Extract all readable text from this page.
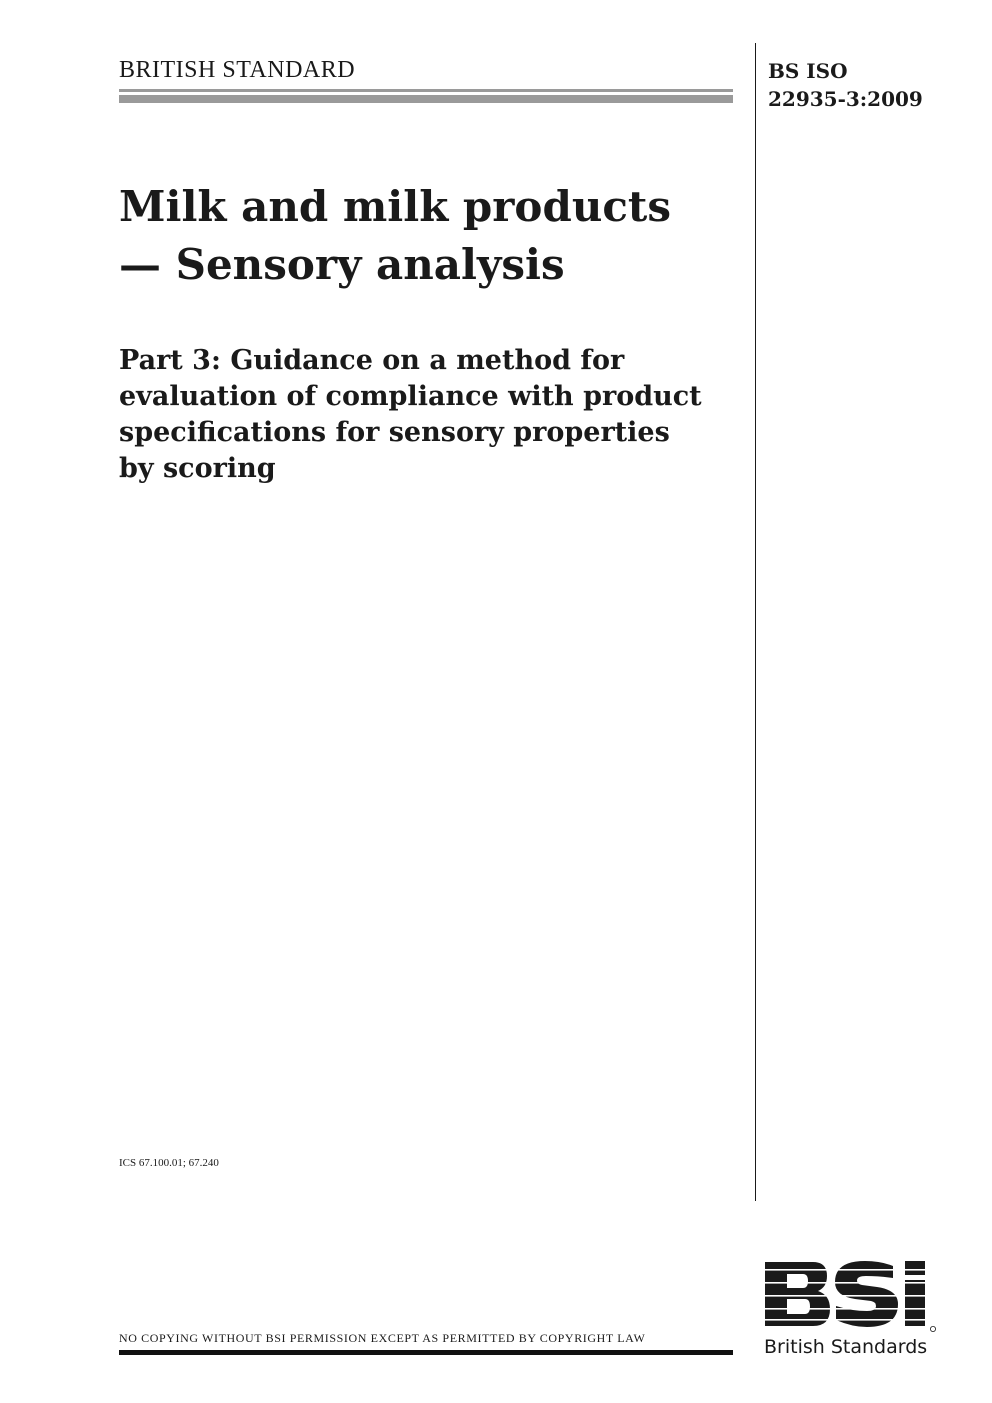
BRITISH STANDARD	BS ISO
22935-3:2009
Milk and milk products
— Sensory analysis
Part 3: Guidance on a method for
evaluation of compliance with product
specifications for sensory properties
by scoring
ICS 67.100.01; 67.240
NO COPYING WITHOUT BSI PERMISSION EXCEPT AS PERMITTED BY COPYRIGHT LAW	British Standards
